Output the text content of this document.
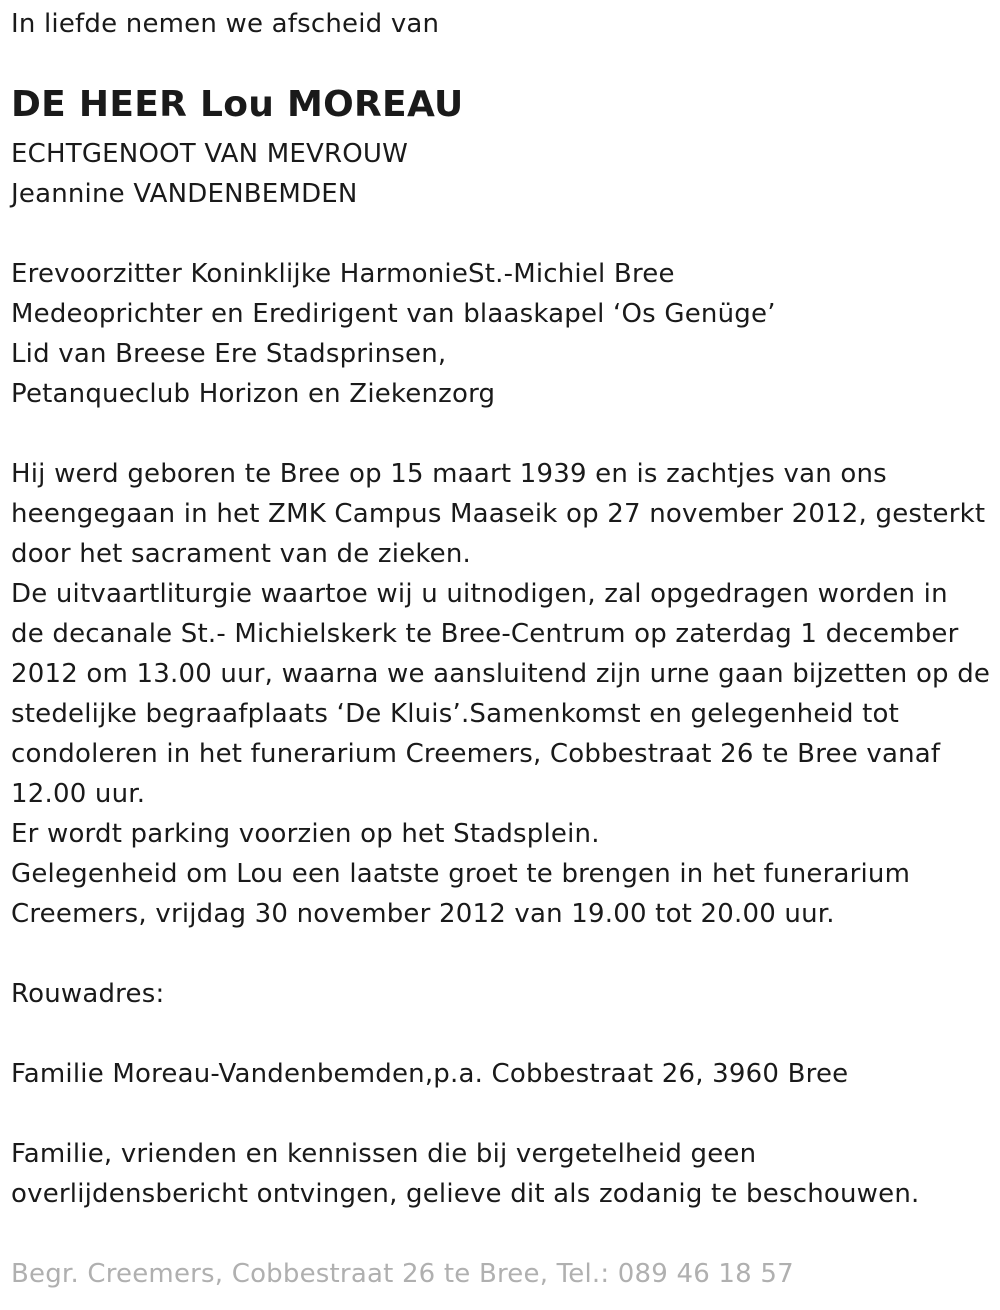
In liefde nemen we afscheid van
DE HEER Lou MOREAU
ECHTGENOOT VAN MEVROUW
Jeannine VANDENBEMDEN
Erevoorzitter Koninklijke HarmonieSt.-Michiel Bree
Medeoprichter en Eredirigent van blaaskapel ‘Os Genüge’
Lid van Breese Ere Stadsprinsen,
Petanqueclub Horizon en Ziekenzorg
Hij werd geboren te Bree op 15 maart 1939 en is zachtjes van ons
heengegaan in het ZMK Campus Maaseik op 27 november 2012, gesterkt
door het sacrament van de zieken.
De uitvaartliturgie waartoe wij u uitnodigen, zal opgedragen worden in
de decanale St.- Michielskerk te Bree-Centrum op zaterdag 1 december
2012 om 13.00 uur, waarna we aansluitend zijn urne gaan bijzetten op de
stedelijke begraafplaats ‘De Kluis’.Samenkomst en gelegenheid tot
condoleren in het funerarium Creemers, Cobbestraat 26 te Bree vanaf
12.00 uur.
Er wordt parking voorzien op het Stadsplein.
Gelegenheid om Lou een laatste groet te brengen in het funerarium
Creemers, vrijdag 30 november 2012 van 19.00 tot 20.00 uur.
Rouwadres:
Familie Moreau-Vandenbemden,p.a. Cobbestraat 26, 3960 Bree
Familie, vrienden en kennissen die bij vergetelheid geen
overlijdensbericht ontvingen, gelieve dit als zodanig te beschouwen.
Begr. Creemers, Cobbestraat 26 te Bree, Tel.: 089 46 18 57
